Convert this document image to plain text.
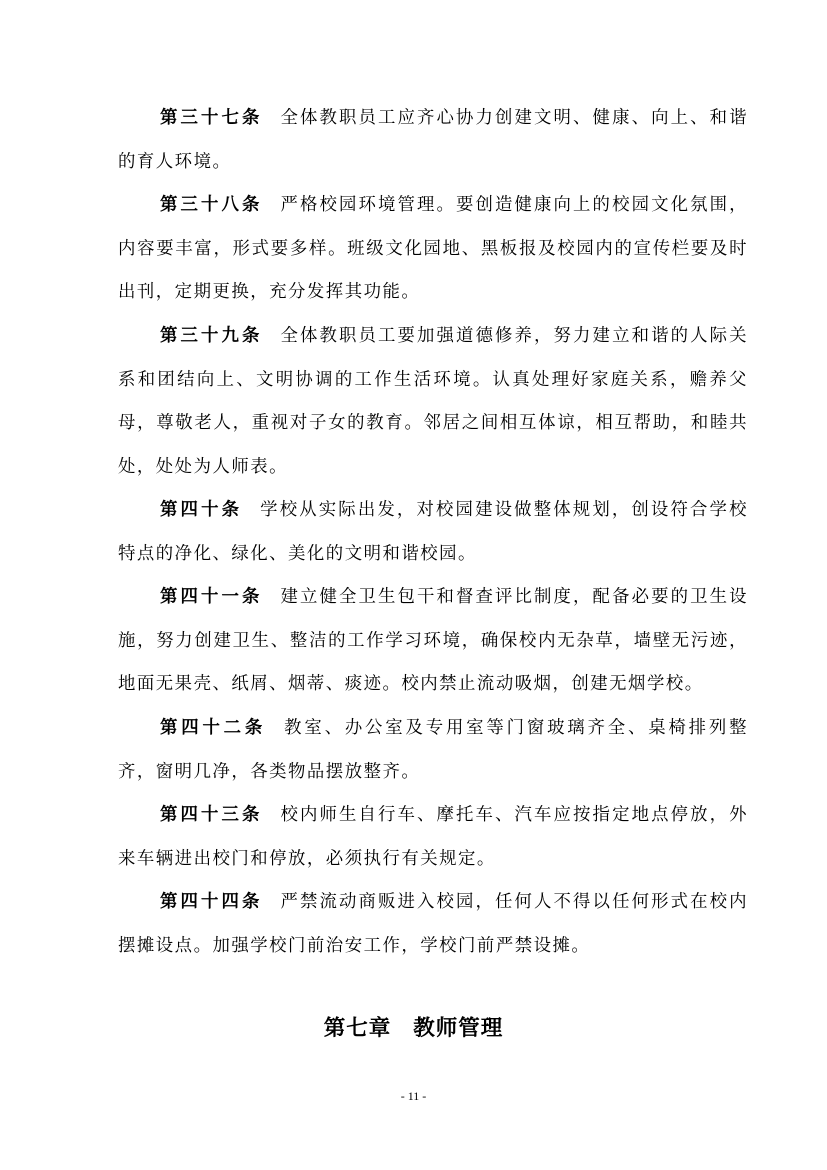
第三十七条 全体教职员工应齐心协力创建文明、健康、向上、和谐的育人环境。

第三十八条 严格校园环境管理。要创造健康向上的校园文化氛围，内容要丰富，形式要多样。班级文化园地、黑板报及校园内的宣传栏要及时出刊，定期更换，充分发挥其功能。

第三十九条 全体教职员工要加强道德修养，努力建立和谐的人际关系和团结向上、文明协调的工作生活环境。认真处理好家庭关系，赡养父母，尊敬老人，重视对子女的教育。邻居之间相互体谅，相互帮助，和睦共处，处处为人师表。

第四十条 学校从实际出发，对校园建设做整体规划，创设符合学校特点的净化、绿化、美化的文明和谐校园。

第四十一条 建立健全卫生包干和督查评比制度，配备必要的卫生设施，努力创建卫生、整洁的工作学习环境，确保校内无杂草，墙壁无污迹，地面无果壳、纸屑、烟蒂、痰迹。校内禁止流动吸烟，创建无烟学校。

第四十二条 教室、办公室及专用室等门窗玻璃齐全、桌椅排列整齐，窗明几净，各类物品摆放整齐。

第四十三条 校内师生自行车、摩托车、汽车应按指定地点停放，外来车辆进出校门和停放，必须执行有关规定。

第四十四条 严禁流动商贩进入校园，任何人不得以任何形式在校内摆摊设点。加强学校门前治安工作，学校门前严禁设摊。

第七章 教师管理

- 11 -
